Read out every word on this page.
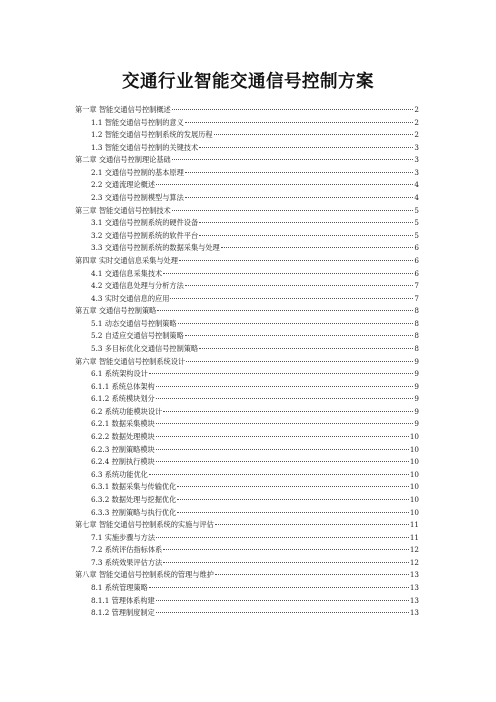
交通行业智能交通信号控制方案
第一章 智能交通信号控制概述	2
1.1 智能交通信号控制的意义	2
1.2 智能交通信号控制系统的发展历程	2
1.3 智能交通信号控制的关键技术	3
第二章 交通信号控制理论基础	3
2.1 交通信号控制的基本原理	3
2.2 交通流理论概述	4
2.3 交通信号控制模型与算法	4
第三章 智能交通信号控制技术	5
3.1 交通信号控制系统的硬件设备	5
3.2 交通信号控制系统的软件平台	5
3.3 交通信号控制系统的数据采集与处理	6
第四章 实时交通信息采集与处理	6
4.1 交通信息采集技术	6
4.2 交通信息处理与分析方法	7
4.3 实时交通信息的应用	7
第五章 交通信号控制策略	8
5.1 动态交通信号控制策略	8
5.2 自适应交通信号控制策略	8
5.3 多目标优化交通信号控制策略	8
第六章 智能交通信号控制系统设计	9
6.1 系统架构设计	9
6.1.1 系统总体架构	9
6.1.2 系统模块划分	9
6.2 系统功能模块设计	9
6.2.1 数据采集模块	9
6.2.2 数据处理模块	10
6.2.3 控制策略模块	10
6.2.4 控制执行模块	10
6.3 系统功能优化	10
6.3.1 数据采集与传输优化	10
6.3.2 数据处理与挖掘优化	10
6.3.3 控制策略与执行优化	10
第七章 智能交通信号控制系统的实施与评估	11
7.1 实施步骤与方法	11
7.2 系统评估指标体系	12
7.3 系统效果评估方法	12
第八章 智能交通信号控制系统的管理与维护	13
8.1 系统管理策略	13
8.1.1 管理体系构建	13
8.1.2 管理制度制定	13
